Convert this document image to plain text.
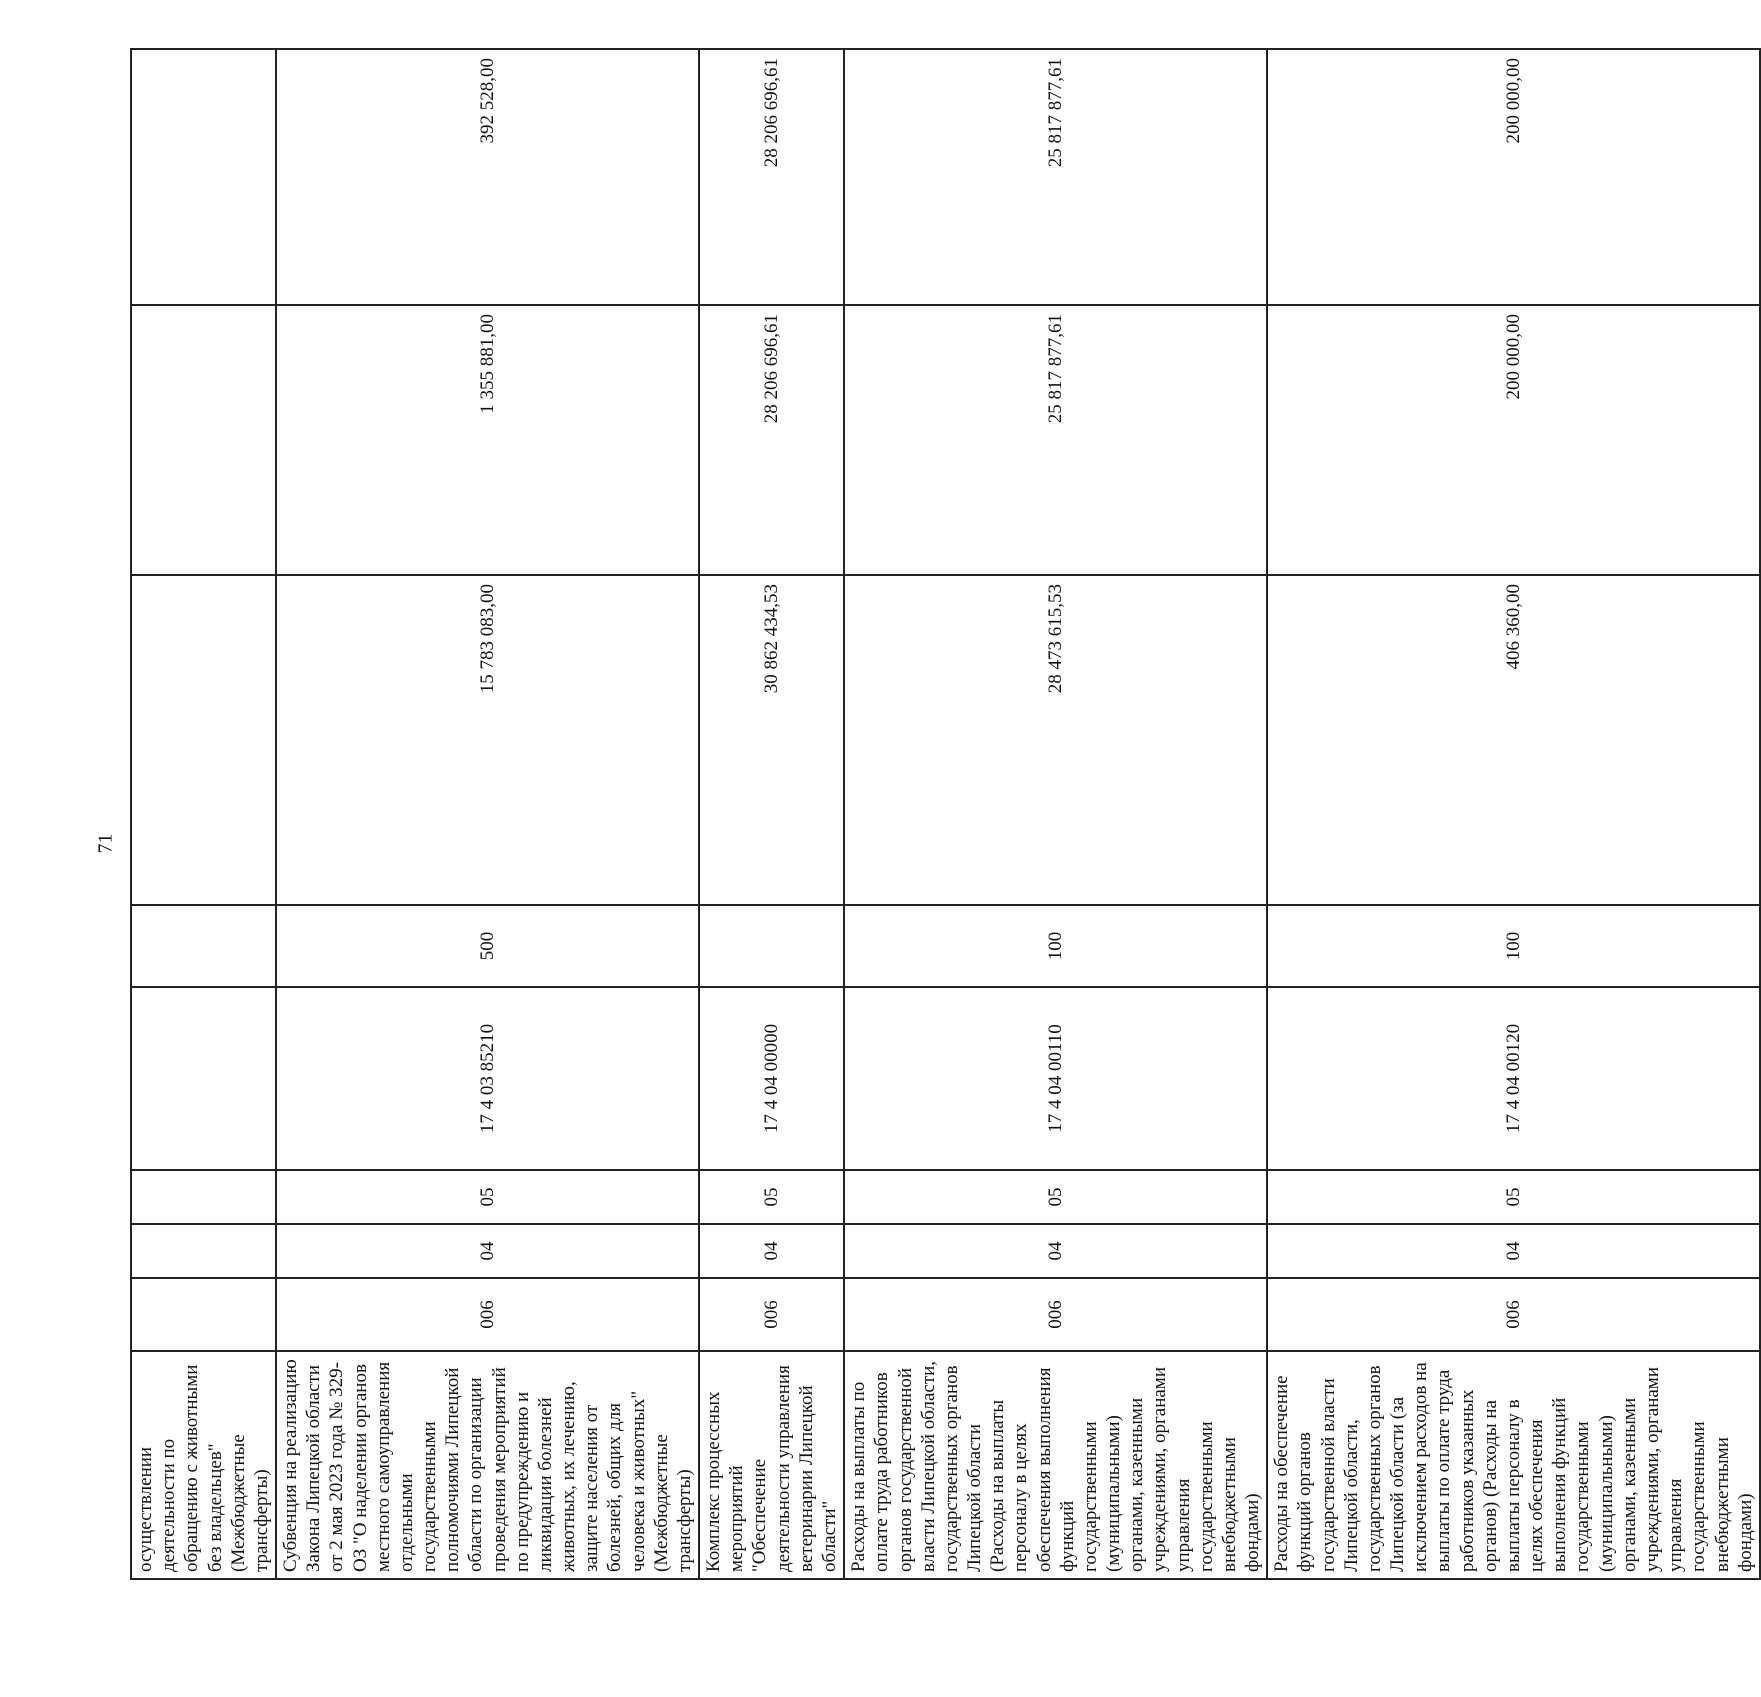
71
осуществлении деятельности по обращению с животными без владельцев" (Межбюджетные трансферты)								
Субвенция на реализацию Закона Липецкой области от 2 мая 2023 года № 329-ОЗ "О наделении органов местного самоуправления отдельными государственными полномочиями Липецкой области по организации проведения мероприятий по предупреждению и ликвидации болезней животных, их лечению, защите населения от болезней, общих для человека и животных" (Межбюджетные трансферты)	006	04	05	17 4 03 85210	500	15 783 083,00	1 355 881,00	392 528,00
Комплекс процессных мероприятий "Обеспечение деятельности управления ветеринарии Липецкой области"	006	04	05	17 4 04 00000		30 862 434,53	28 206 696,61	28 206 696,61
Расходы на выплаты по оплате труда работников органов государственной власти Липецкой области, государственных органов Липецкой области (Расходы на выплаты персоналу в целях обеспечения выполнения функций государственными (муниципальными) органами, казенными учреждениями, органами управления государственными внебюджетными фондами)	006	04	05	17 4 04 00110	100	28 473 615,53	25 817 877,61	25 817 877,61
Расходы на обеспечение функций органов государственной власти Липецкой области, государственных органов Липецкой области (за исключением расходов на выплаты по оплате труда работников указанных органов) (Расходы на выплаты персоналу в целях обеспечения выполнения функций государственными (муниципальными) органами, казенными учреждениями, органами управления государственными внебюджетными фондами)	006	04	05	17 4 04 00120	100	406 360,00	200 000,00	200 000,00
